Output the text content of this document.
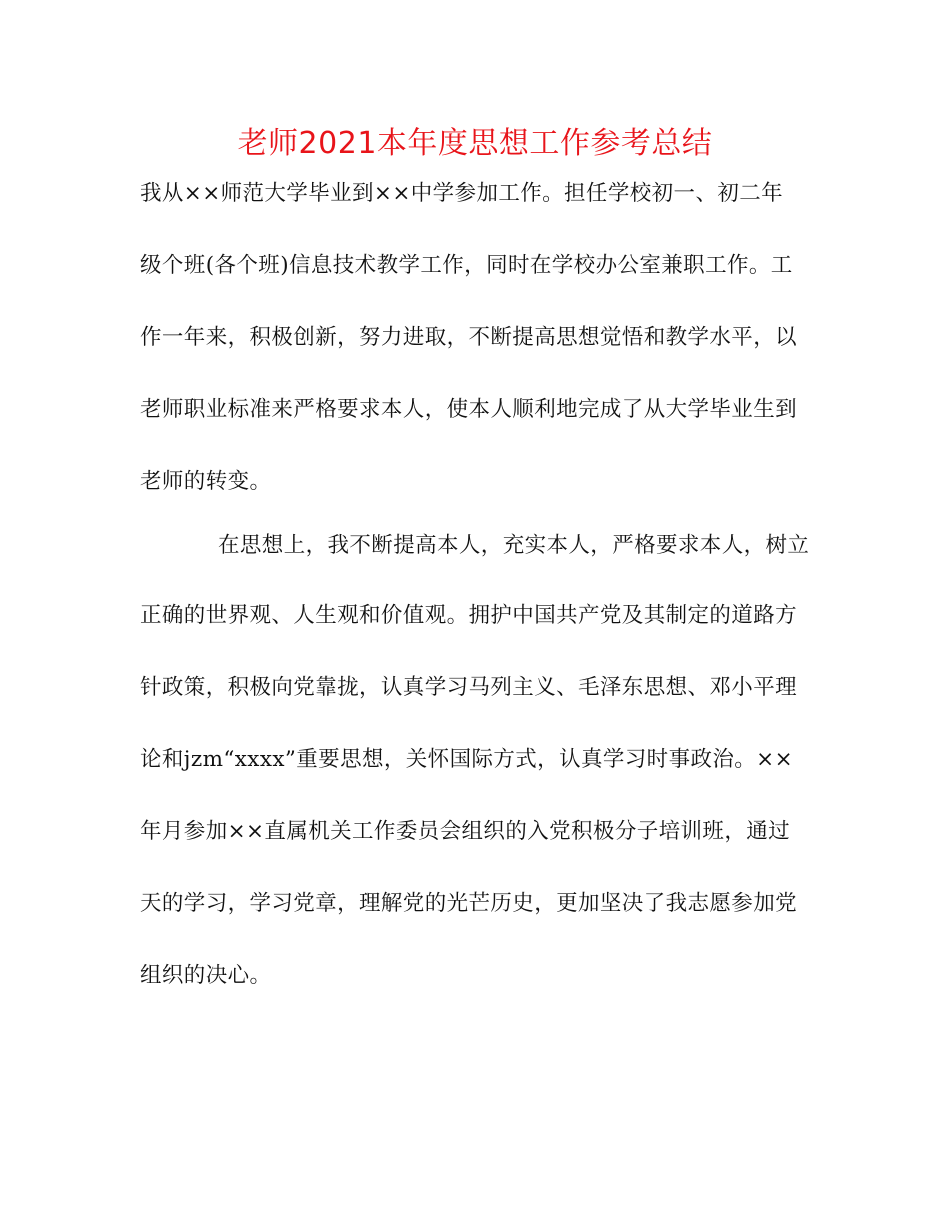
老师2021本年度思想工作参考总结
我从××师范大学毕业到××中学参加工作。担任学校初一、初二年
级个班(各个班)信息技术教学工作，同时在学校办公室兼职工作。工
作一年来，积极创新，努力进取，不断提高思想觉悟和教学水平，以
老师职业标准来严格要求本人，使本人顺利地完成了从大学毕业生到
老师的转变。
在思想上，我不断提高本人，充实本人，严格要求本人，树立
正确的世界观、人生观和价值观。拥护中国共产党及其制定的道路方
针政策，积极向党靠拢，认真学习马列主义、毛泽东思想、邓小平理
论和jzm“xxxx”重要思想，关怀国际方式，认真学习时事政治。××
年月参加××直属机关工作委员会组织的入党积极分子培训班，通过
天的学习，学习党章，理解党的光芒历史，更加坚决了我志愿参加党
组织的决心。
